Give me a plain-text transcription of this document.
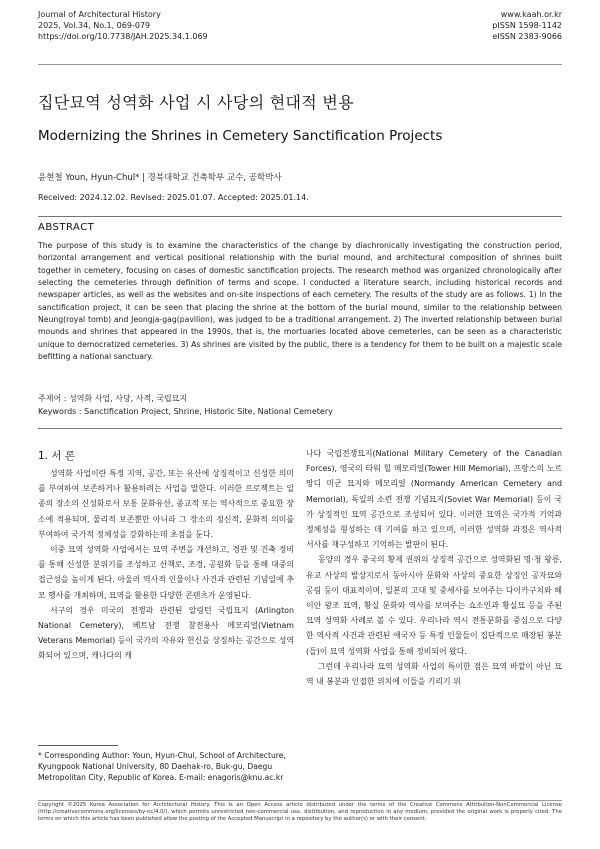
Journal of Architectural History
2025, Vol.34, No.1, 069-079
https://doi.org/10.7738/JAH.2025.34.1.069
www.kaah.or.kr
pISSN 1598-1142
eISSN 2383-9066
집단묘역 성역화 사업 시 사당의 현대적 변용
Modernizing the Shrines in Cemetery Sanctification Projects
윤현철 Youn, Hyun-Chul* | 경북대학교 건축학부 교수, 공학박사
Received: 2024.12.02. Revised: 2025.01.07. Accepted: 2025.01.14.
ABSTRACT
The purpose of this study is to examine the characteristics of the change by diachronically investigating the construction period, horizontal arrangement and vertical positional relationship with the burial mound, and architectural composition of shrines built together in cemetery, focusing on cases of domestic sanctification projects. The research method was organized chronologically after selecting the cemeteries through definition of terms and scope. I conducted a literature search, including historical records and newspaper articles, as well as the websites and on-site inspections of each cemetery. The results of the study are as follows. 1) In the sanctification project, it can be seen that placing the shrine at the bottom of the burial mound, similar to the relationship between Neung(royal tomb) and Jeongja-gag(pavilion), was judged to be a traditional arrangement. 2) The inverted relationship between burial mounds and shrines that appeared in the 1990s, that is, the mortuaries located above cemeteries, can be seen as a characteristic unique to democratized cemeteries. 3) As shrines are visited by the public, there is a tendency for them to be built on a majestic scale befitting a national sanctuary.
주제어 : 성역화 사업, 사당, 사적, 국립묘지
Keywords : Sanctification Project, Shrine, Historic Site, National Cemetery
1. 서 론

성역화 사업이란 특정 지역, 공간, 또는 유산에 상징적이고 신성한 의미를 부여하여 보존하거나 활용하려는 사업을 말한다. 이러한 프로젝트는 일종의 장소의 신성화로서 보통 문화유산, 종교적 또는 역사적으로 중요한 장소에 적용되며, 물리적 보존뿐만 아니라 그 장소의 정신적, 문화적 의미를 부여하여 국가적 정체성을 강화하는데 초점을 둔다.

이중 묘역 성역화 사업에서는 묘역 주변을 개선하고, 경관 및 건축 정비를 통해 신성한 분위기를 조성하고 산책로, 조경, 공원화 등을 통해 대중의 접근성을 높이게 된다. 아울러 역사적 인물이나 사건과 관련된 기념일에 추모 행사를 개최하며, 묘역을 활용한 다양한 콘텐츠가 운영된다.

서구의 경우 미국의 전쟁과 관련된 알링턴 국립묘지 (Arlington National Cemetery), 베트남 전쟁 참전용사 메모리얼(Vietnam Veterans Memorial) 등이 국가의 자유와 헌신을 상징하는 공간으로 성역화되어 있으며, 캐나다의 캐

나다 국립전쟁묘지(National Military Cemetery of the Canadian Forces), 영국의 타워 힐 메모리얼(Tower Hill Memorial), 프랑스의 노르망디 미군 묘지와 메모리얼 (Normandy American Cemetery and Memorial), 독일의 소련 전쟁 기념묘지(Soviet War Memorial) 등이 국가 상징적인 묘역 공간으로 조성되어 있다. 이러한 묘역은 국가적 기억과 정체성을 형성하는 데 기여를 하고 있으며, 이러한 성역화 과정은 역사적 서사를 재구성하고 기억하는 발판이 된다.

동양의 경우 중국의 황제 권위의 상징적 공간으로 성역화된 명·청 왕릉, 유교 사상의 발상지로서 동아시아 문화와 사상의 중요한 상징인 공자묘와 공림 등이 대표적이며, 일본의 고대 및 중세사를 보여주는 다이카구치와 헤이안 왕조 묘역, 황실 문화와 역사를 보여주는 쇼소인과 황실묘 등을 주된 묘역 성역화 사례로 볼 수 있다. 우리나라 역시 전통문화를 중심으로 다양한 역사적 사건과 관련된 애국자 등 특정 인물들이 집단적으로 매장된 봉분(들)이 묘역 성역화 사업을 통해 정비되어 왔다.

그런데 우리나라 묘역 성역화 사업의 특이한 점은 묘역 바깥이 아닌 묘역 내 봉분과 인접한 위치에 이들을 기리기 위

* Corresponding Author: Youn, Hyun-Chul, School of Architecture, Kyungpook National University, 80 Daehak-ro, Buk-gu, Daegu Metropolitan City, Republic of Korea. E-mail: enagoris@knu.ac.kr
Copyright ©2025 Korea Association for Architectural History. This is an Open Access article distributed under the terms of the Creative Commons Attribution-NonCommercial License (http://creativecommons.org/licenses/by-nc/4.0/), which permits unrestricted non-commercial use, distribution, and reproduction in any medium, provided the original work is properly cited. The terms on which this article has been published allow the posting of the Accepted Manuscript in a repository by the author(s) or with their consent.
